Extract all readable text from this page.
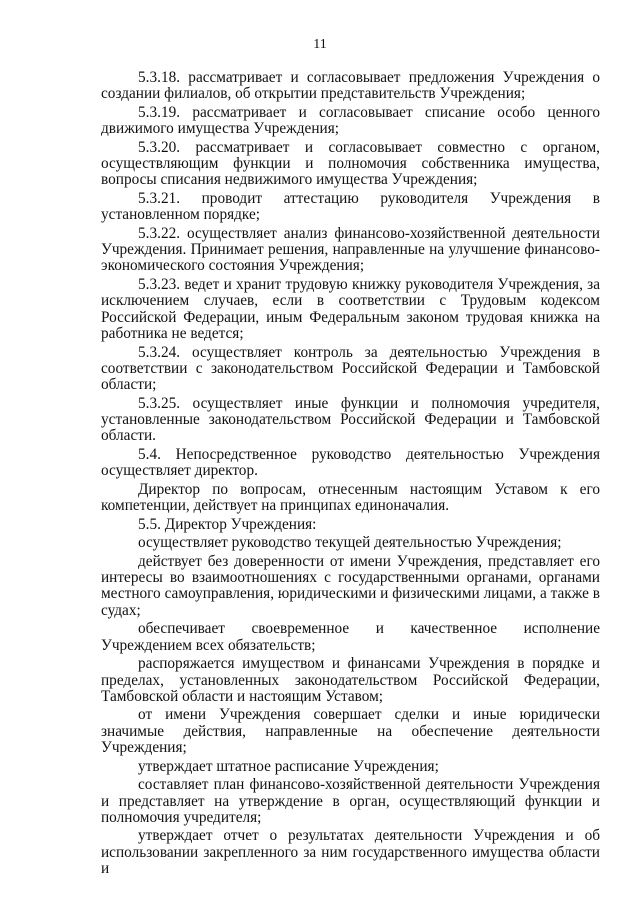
11

5.3.18. рассматривает и согласовывает предложения Учреждения о создании филиалов, об открытии представительств Учреждения;

5.3.19. рассматривает и согласовывает списание особо ценного движимого имущества Учреждения;

5.3.20. рассматривает и согласовывает совместно с органом, осуществляющим функции и полномочия собственника имущества, вопросы списания недвижимого имущества Учреждения;

5.3.21. проводит аттестацию руководителя Учреждения в установленном порядке;

5.3.22. осуществляет анализ финансово-хозяйственной деятельности Учреждения. Принимает решения, направленные на улучшение финансово-экономического состояния Учреждения;

5.3.23. ведет и хранит трудовую книжку руководителя Учреждения, за исключением случаев, если в соответствии с Трудовым кодексом Российской Федерации, иным Федеральным законом трудовая книжка на работника не ведется;

5.3.24. осуществляет контроль за деятельностью Учреждения в соответствии с законодательством Российской Федерации и Тамбовской области;

5.3.25. осуществляет иные функции и полномочия учредителя, установленные законодательством Российской Федерации и Тамбовской области.

5.4. Непосредственное руководство деятельностью Учреждения осуществляет директор.

Директор по вопросам, отнесенным настоящим Уставом к его компетенции, действует на принципах единоначалия.

5.5. Директор Учреждения:

осуществляет руководство текущей деятельностью Учреждения;

действует без доверенности от имени Учреждения, представляет его интересы во взаимоотношениях с государственными органами, органами местного самоуправления, юридическими и физическими лицами, а также в судах;

обеспечивает своевременное и качественное исполнение Учреждением всех обязательств;

распоряжается имуществом и финансами Учреждения в порядке и пределах, установленных законодательством Российской Федерации, Тамбовской области и настоящим Уставом;

от имени Учреждения совершает сделки и иные юридически значимые действия, направленные на обеспечение деятельности Учреждения;

утверждает штатное расписание Учреждения;

составляет план финансово-хозяйственной деятельности Учреждения и представляет на утверждение в орган, осуществляющий функции и полномочия учредителя;

утверждает отчет о результатах деятельности Учреждения и об использовании закрепленного за ним государственного имущества области и
